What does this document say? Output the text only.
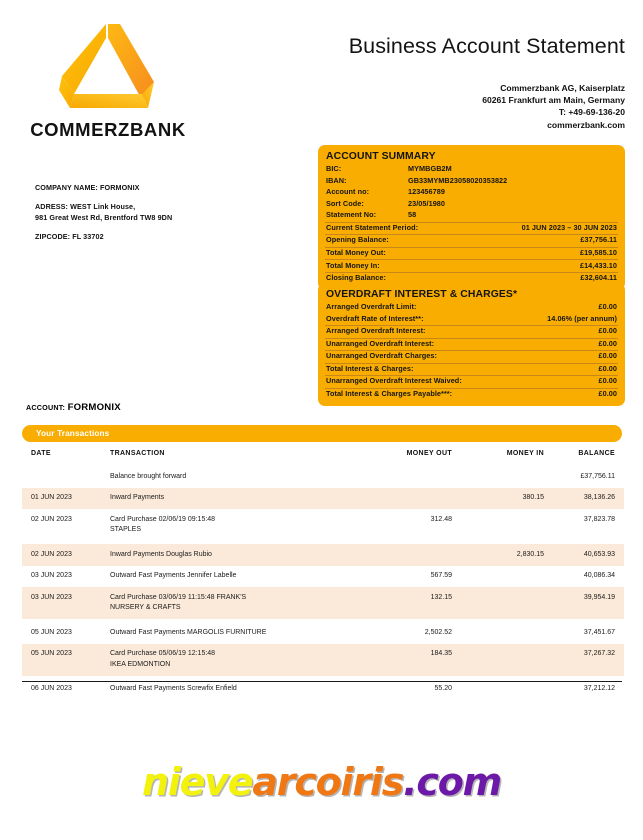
COMMERZBANK
Business Account Statement
Commerzbank AG, Kaiserplatz
60261 Frankfurt am Main, Germany
T: +49-69-136-20
commerzbank.com
COMPANY NAME: FORMONIX
ADRESS: WEST Link House,
981 Great West Rd, Brentford TW8 9DN
ZIPCODE: FL 33702
ACCOUNT SUMMARY
BIC:	MYMBGB2M
IBAN:	GB33MYMB23058020353822
Account no:	123456789
Sort Code:	23/05/1980
Statement No:	58
Current Statement Period:	01 JUN 2023 – 30 JUN 2023
Opening Balance:	£37,756.11
Total Money Out:	£19,585.10
Total Money In:	£14,433.10
Closing Balance:	£32,604.11
OVERDRAFT INTEREST & CHARGES*
Arranged Overdraft Limit:	£0.00
Overdraft Rate of Interest**:	14.06% (per annum)
Arranged Overdraft Interest:	£0.00
Unarranged Overdraft Interest:	£0.00
Unarranged Overdraft Charges:	£0.00
Total Interest & Charges:	£0.00
Unarranged Overdraft Interest Waived:	£0.00
Total Interest & Charges Payable***:	£0.00
ACCOUNT: FORMONIX
Your Transactions
DATE	TRANSACTION	MONEY OUT	MONEY IN	BALANCE
	Balance brought forward			£37,756.11
01 JUN 2023	Inward Payments		380.15	38,136.26
02 JUN 2023	Card Purchase 02/06/19 09:15:48
STAPLES	312.48		37,823.78

02 JUN 2023	Inward Payments Douglas Rubio		2,830.15	40,653.93
03 JUN 2023	Outward Fast Payments Jennifer Labelle	567.59		40,086.34
03 JUN 2023	Card Purchase 03/06/19 11:15:48 FRANK'S
NURSERY & CRAFTS	132.15		39,954.19

05 JUN 2023	Outward Fast Payments MARGOLIS FURNITURE	2,502.52		37,451.67
05 JUN 2023	Card Purchase 05/06/19 12:15:48
IKEA EDMONTION	184.35		37,267.32

06 JUN 2023	Outward Fast Payments Screwfix Enfield	55.20		37,212.12
nievearcoiris.com
